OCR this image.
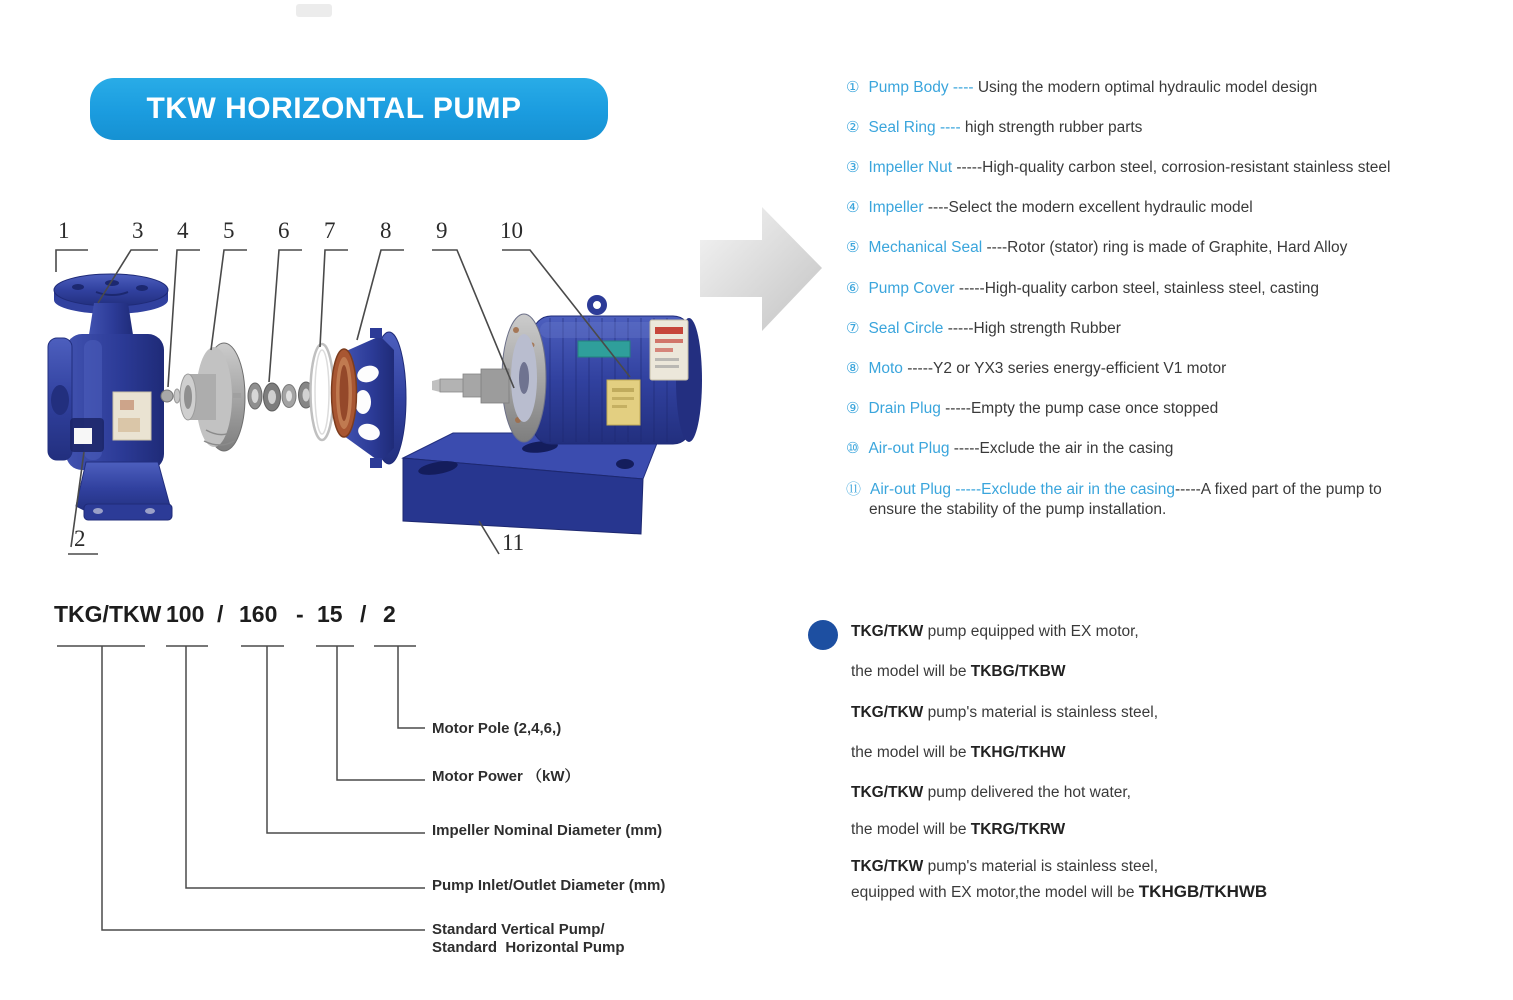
TKW HORIZONTAL PUMP
1	3 4 5 6 7 8 9 10
2	11
① Pump Body ---- Using the modern optimal hydraulic model design
② Seal Ring ---- high strength rubber parts
③ Impeller Nut -----High-quality carbon steel, corrosion-resistant stainless steel
④ Impeller ----Select the modern excellent hydraulic model
⑤ Mechanical Seal ----Rotor (stator) ring is made of Graphite, Hard Alloy
⑥ Pump Cover -----High-quality carbon steel, stainless steel, casting
⑦ Seal Circle -----High strength Rubber
⑧ Moto -----Y2 or YX3 series energy-efficient V1 motor
⑨ Drain Plug -----Empty the pump case once stopped
⑩ Air-out Plug -----Exclude the air in the casing
⑪ Air-out Plug -----Exclude the air in the casing-----A fixed part of the pump to
ensure the stability of the pump installation.
TKG/TKW 100 / 160 - 15 / 2
Motor Pole (2,4,6,)
Motor Power （kW）
Impeller Nominal Diameter (mm)
Pump Inlet/Outlet Diameter (mm)
Standard Vertical Pump/
Standard  Horizontal Pump
TKG/TKW pump equipped with EX motor,
the model will be TKBG/TKBW
TKG/TKW pump's material is stainless steel,
the model will be TKHG/TKHW
TKG/TKW pump delivered the hot water,
the model will be TKRG/TKRW
TKG/TKW pump's material is stainless steel,
equipped with EX motor,the model will be TKHGB/TKHWB
